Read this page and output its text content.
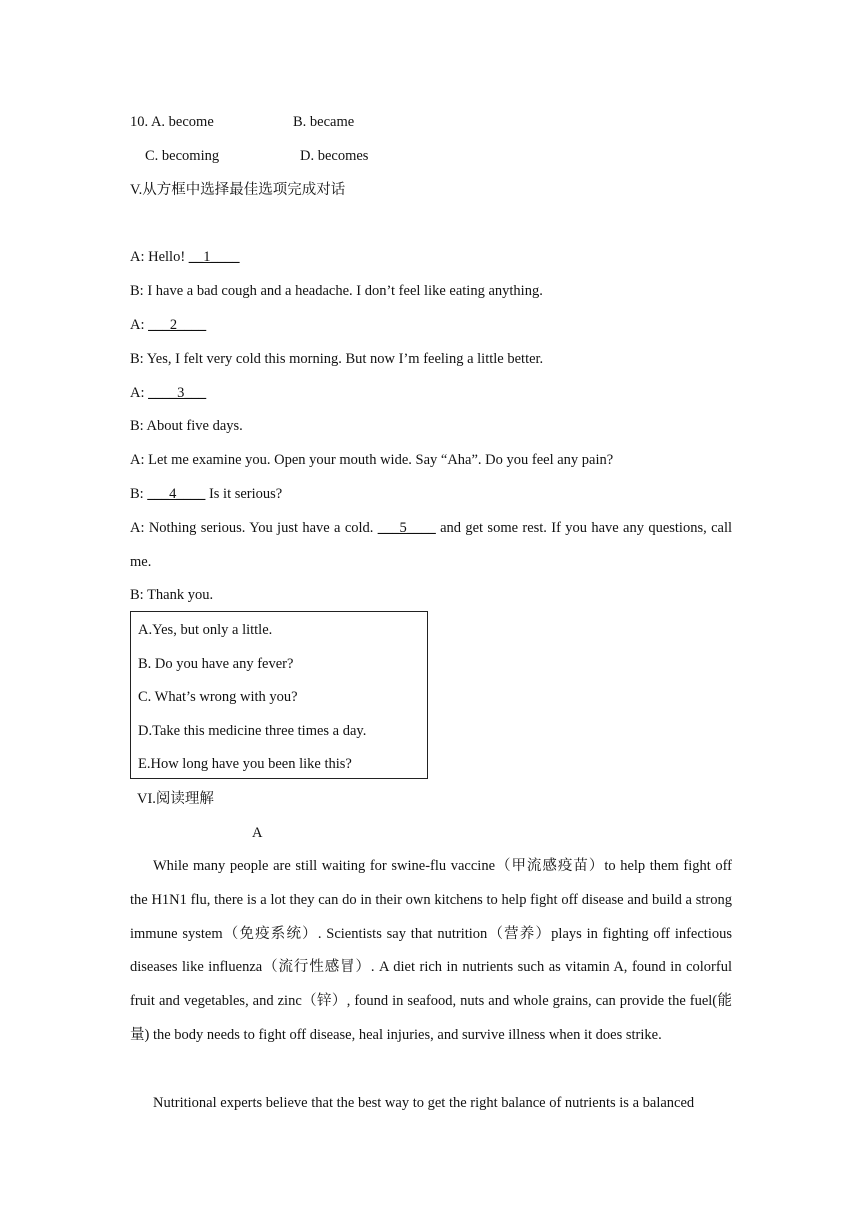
10. A. become	B. became
C. becoming	D. becomes
V.从方框中选择最佳选项完成对话
A: Hello! __1____
B: I have a bad cough and a headache. I don’t feel like eating anything.
A: ___2____
B: Yes, I felt very cold this morning. But now I’m feeling a little better.
A: ____3___
B: About five days.
A: Let me examine you. Open your mouth wide. Say “Aha”. Do you feel any pain?
B: ___4____ Is it serious?
A: Nothing serious. You just have a cold. ___5____ and get some rest. If you have any questions, call me.
B: Thank you.
A.Yes, but only a little.
B. Do you have any fever?
C. What’s wrong with you?
D.Take this medicine three times a day.
E.How long have you been like this?
VI.阅读理解
A
While many people are still waiting for swine-flu vaccine（甲流感疫苗）to help them fight off the H1N1 flu, there is a lot they can do in their own kitchens to help fight off disease and build a strong immune system（免疫系统）. Scientists say that nutrition（营养）plays in fighting off infectious diseases like influenza（流行性感冒）. A diet rich in nutrients such as vitamin A, found in colorful fruit and vegetables, and zinc（锌）, found in seafood, nuts and whole grains, can provide the fuel(能量) the body needs to fight off disease, heal injuries, and survive illness when it does strike.
Nutritional experts believe that the best way to get the right balance of nutrients is a balanced
